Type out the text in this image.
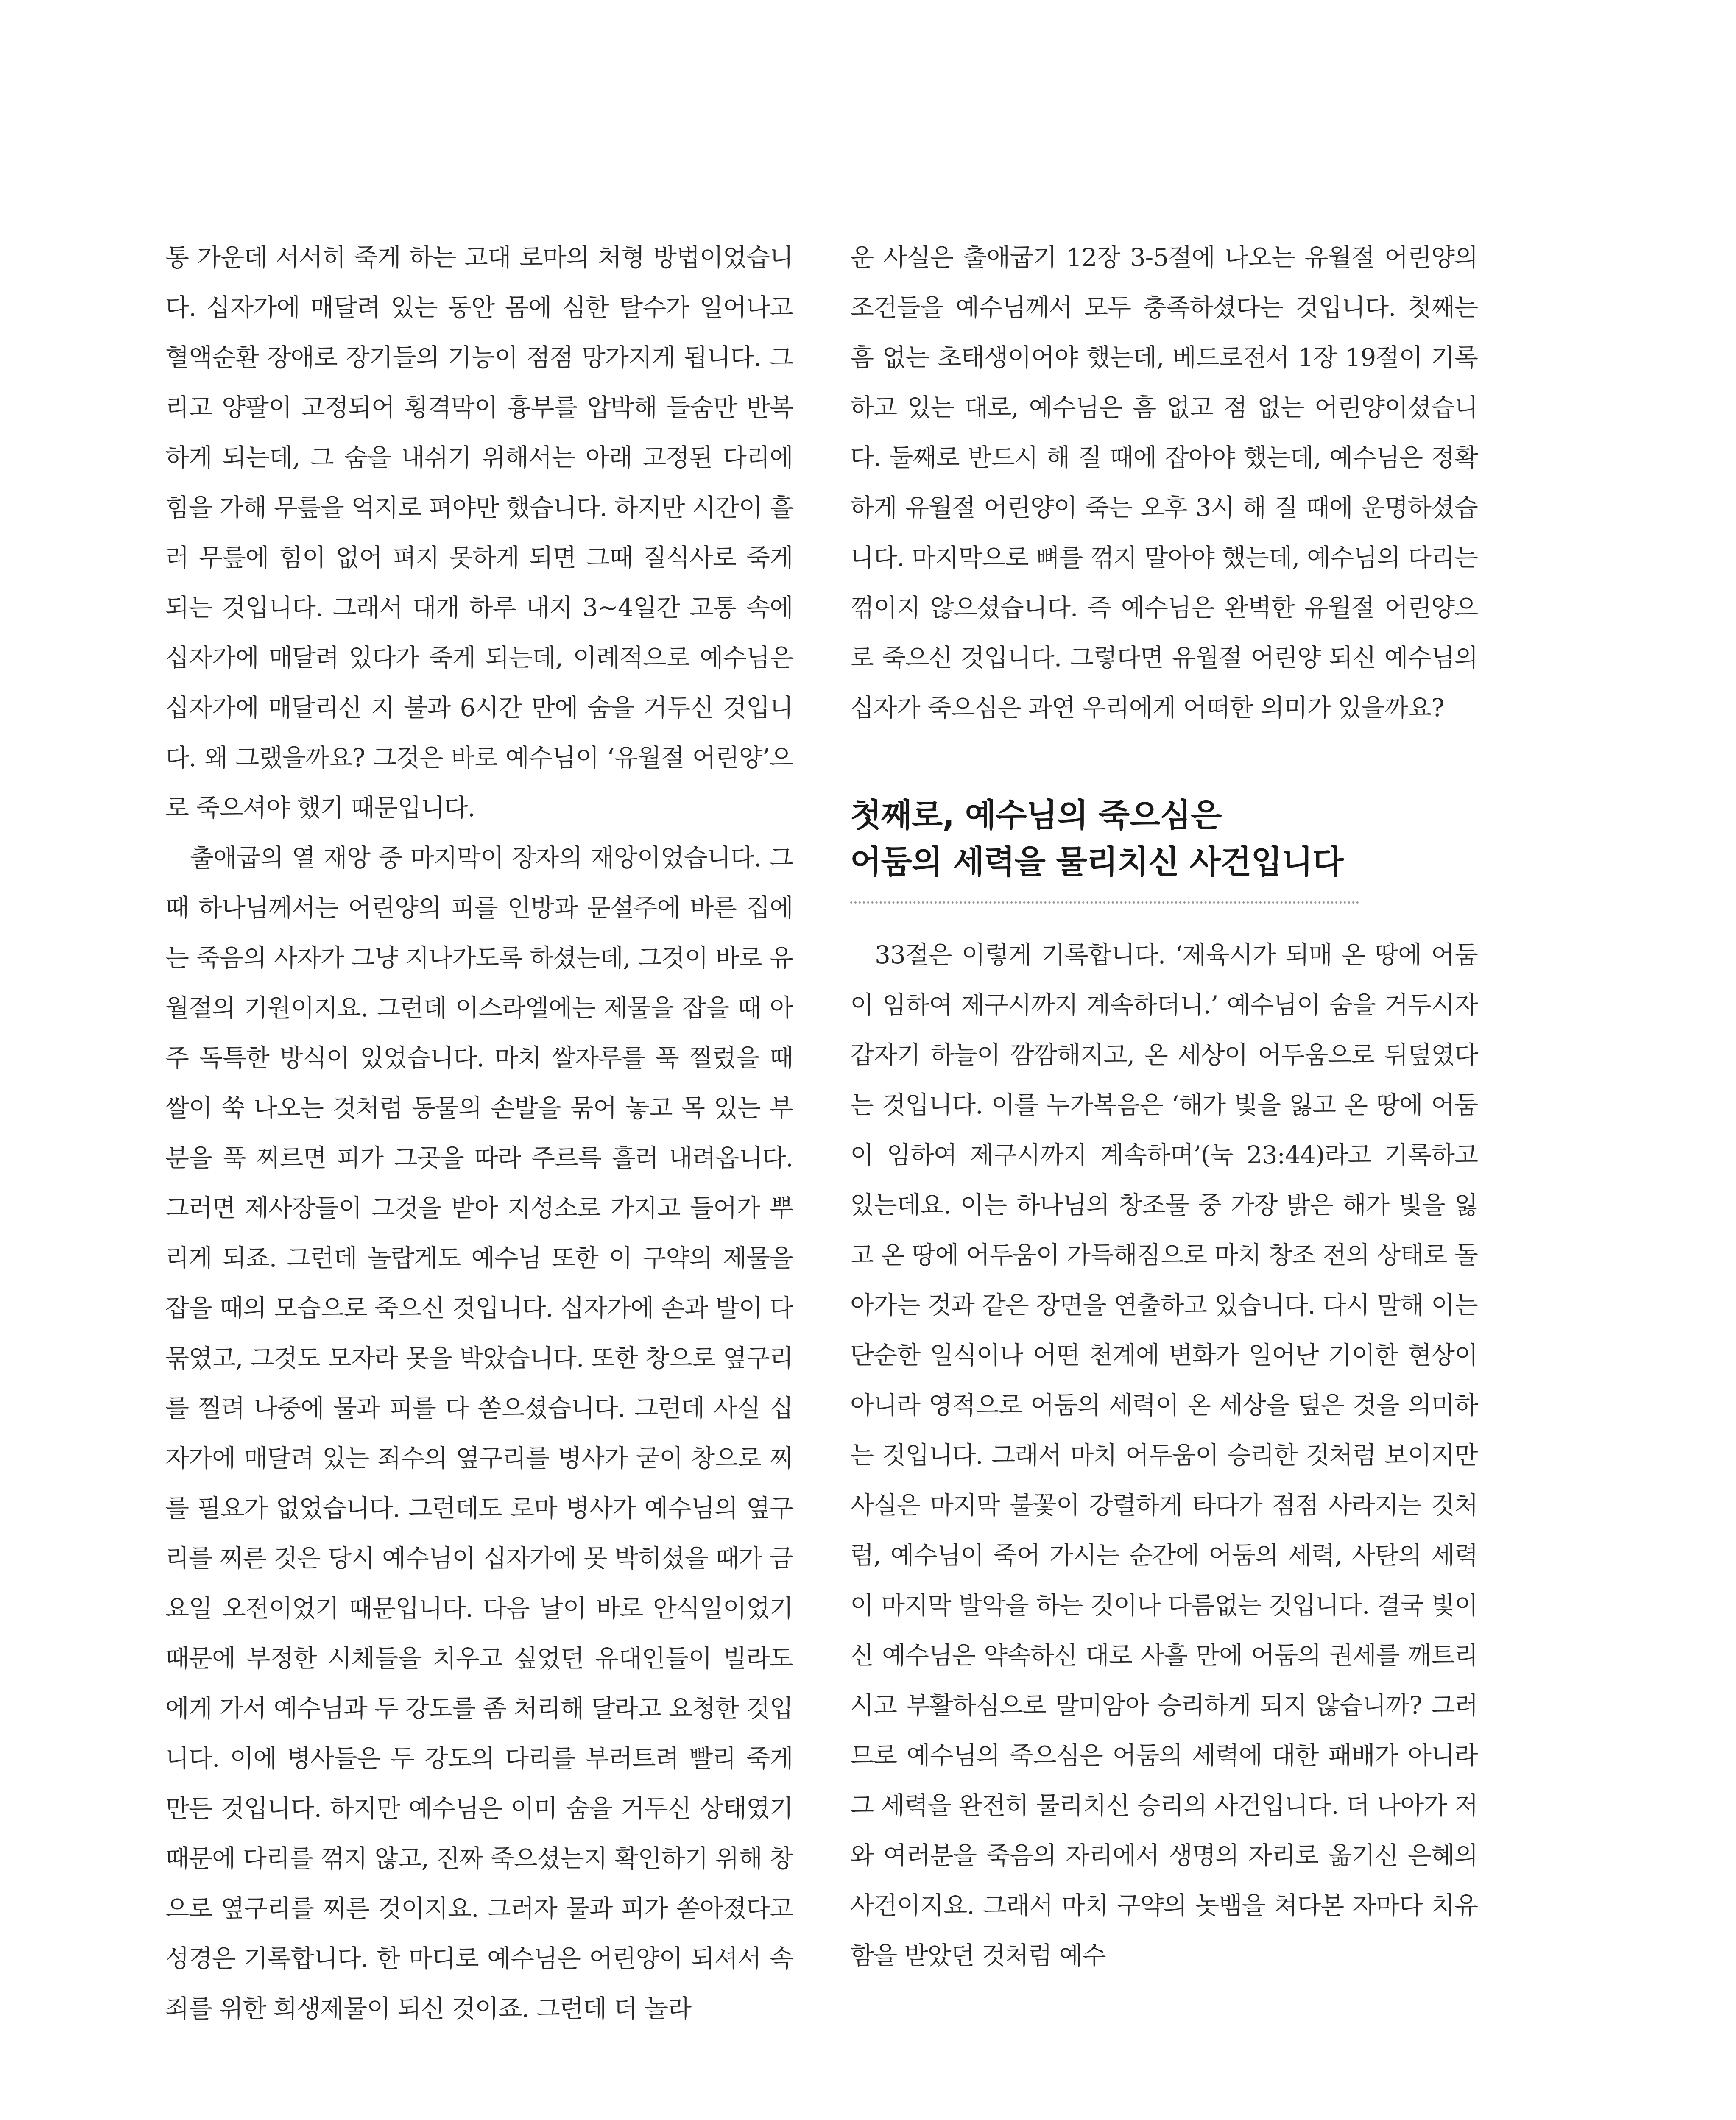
통 가운데 서서히 죽게 하는 고대 로마의 처형 방법이었습니다. 십자가에 매달려 있는 동안 몸에 심한 탈수가 일어나고 혈액순환 장애로 장기들의 기능이 점점 망가지게 됩니다. 그리고 양팔이 고정되어 횡격막이 흉부를 압박해 들숨만 반복하게 되는데, 그 숨을 내쉬기 위해서는 아래 고정된 다리에 힘을 가해 무릎을 억지로 펴야만 했습니다. 하지만 시간이 흘러 무릎에 힘이 없어 펴지 못하게 되면 그때 질식사로 죽게 되는 것입니다. 그래서 대개 하루 내지 3~4일간 고통 속에 십자가에 매달려 있다가 죽게 되는데, 이례적으로 예수님은 십자가에 매달리신 지 불과 6시간 만에 숨을 거두신 것입니다. 왜 그랬을까요? 그것은 바로 예수님이 ‘유월절 어린양’으로 죽으셔야 했기 때문입니다.

출애굽의 열 재앙 중 마지막이 장자의 재앙이었습니다. 그때 하나님께서는 어린양의 피를 인방과 문설주에 바른 집에는 죽음의 사자가 그냥 지나가도록 하셨는데, 그것이 바로 유월절의 기원이지요. 그런데 이스라엘에는 제물을 잡을 때 아주 독특한 방식이 있었습니다. 마치 쌀자루를 푹 찔렀을 때 쌀이 쑥 나오는 것처럼 동물의 손발을 묶어 놓고 목 있는 부분을 푹 찌르면 피가 그곳을 따라 주르륵 흘러 내려옵니다. 그러면 제사장들이 그것을 받아 지성소로 가지고 들어가 뿌리게 되죠. 그런데 놀랍게도 예수님 또한 이 구약의 제물을 잡을 때의 모습으로 죽으신 것입니다. 십자가에 손과 발이 다 묶였고, 그것도 모자라 못을 박았습니다. 또한 창으로 옆구리를 찔려 나중에 물과 피를 다 쏟으셨습니다. 그런데 사실 십자가에 매달려 있는 죄수의 옆구리를 병사가 굳이 창으로 찌를 필요가 없었습니다. 그런데도 로마 병사가 예수님의 옆구리를 찌른 것은 당시 예수님이 십자가에 못 박히셨을 때가 금요일 오전이었기 때문입니다. 다음 날이 바로 안식일이었기 때문에 부정한 시체들을 치우고 싶었던 유대인들이 빌라도에게 가서 예수님과 두 강도를 좀 처리해 달라고 요청한 것입니다. 이에 병사들은 두 강도의 다리를 부러트려 빨리 죽게 만든 것입니다. 하지만 예수님은 이미 숨을 거두신 상태였기 때문에 다리를 꺾지 않고, 진짜 죽으셨는지 확인하기 위해 창으로 옆구리를 찌른 것이지요. 그러자 물과 피가 쏟아졌다고 성경은 기록합니다. 한 마디로 예수님은 어린양이 되셔서 속죄를 위한 희생제물이 되신 것이죠. 그런데 더 놀라

운 사실은 출애굽기 12장 3-5절에 나오는 유월절 어린양의 조건들을 예수님께서 모두 충족하셨다는 것입니다. 첫째는 흠 없는 초태생이어야 했는데, 베드로전서 1장 19절이 기록하고 있는 대로, 예수님은 흠 없고 점 없는 어린양이셨습니다. 둘째로 반드시 해 질 때에 잡아야 했는데, 예수님은 정확하게 유월절 어린양이 죽는 오후 3시 해 질 때에 운명하셨습니다. 마지막으로 뼈를 꺾지 말아야 했는데, 예수님의 다리는 꺾이지 않으셨습니다. 즉 예수님은 완벽한 유월절 어린양으로 죽으신 것입니다. 그렇다면 유월절 어린양 되신 예수님의 십자가 죽으심은 과연 우리에게 어떠한 의미가 있을까요?

첫째로, 예수님의 죽으심은
어둠의 세력을 물리치신 사건입니다

33절은 이렇게 기록합니다. ‘제육시가 되매 온 땅에 어둠이 임하여 제구시까지 계속하더니.’ 예수님이 숨을 거두시자 갑자기 하늘이 깜깜해지고, 온 세상이 어두움으로 뒤덮였다는 것입니다. 이를 누가복음은 ‘해가 빛을 잃고 온 땅에 어둠이 임하여 제구시까지 계속하며’(눅 23:44)라고 기록하고 있는데요. 이는 하나님의 창조물 중 가장 밝은 해가 빛을 잃고 온 땅에 어두움이 가득해짐으로 마치 창조 전의 상태로 돌아가는 것과 같은 장면을 연출하고 있습니다. 다시 말해 이는 단순한 일식이나 어떤 천계에 변화가 일어난 기이한 현상이 아니라 영적으로 어둠의 세력이 온 세상을 덮은 것을 의미하는 것입니다. 그래서 마치 어두움이 승리한 것처럼 보이지만 사실은 마지막 불꽃이 강렬하게 타다가 점점 사라지는 것처럼, 예수님이 죽어 가시는 순간에 어둠의 세력, 사탄의 세력이 마지막 발악을 하는 것이나 다름없는 것입니다. 결국 빛이신 예수님은 약속하신 대로 사흘 만에 어둠의 권세를 깨트리시고 부활하심으로 말미암아 승리하게 되지 않습니까? 그러므로 예수님의 죽으심은 어둠의 세력에 대한 패배가 아니라 그 세력을 완전히 물리치신 승리의 사건입니다. 더 나아가 저와 여러분을 죽음의 자리에서 생명의 자리로 옮기신 은혜의 사건이지요. 그래서 마치 구약의 놋뱀을 쳐다본 자마다 치유함을 받았던 것처럼 예수
